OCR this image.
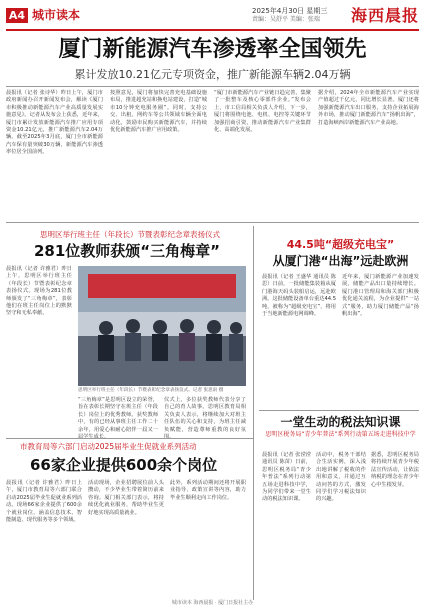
A4 城市读本	2025年4月30日 星期三
责编：吴舒平 美编：张瑞	海西晨报
厦门新能源汽车渗透率全国领先
累计发放10.21亿元专项资金，推广新能源车辆2.04万辆
晨报讯（记者 张诗华）昨日上午，厦门市政府新闻办召开新闻发布会，解读《厦门市积极推动新能源汽车产业高质量发展实施意见》。记者从发布会上获悉，近年来，厦门市累计发放新能源汽车推广应用专项资金10.21亿元，推广新能源汽车2.04万辆。截至2025年3月底，厦门全市新能源汽车保有量突破30万辆，新能源汽车渗透率位居全国前列。
按照意见，厦门将加快完善充电基础设施布局，推进超充站和换电站建设，打造“城市10分钟充电服务圈”。同时，支持公交、出租、网约车等公共领域车辆全面电动化，鼓励市民购买新能源汽车，并持续优化新能源汽车推广应用政策。
“厦门市新能源汽车产业链日趋完善，集聚了一批整车及核心零部件企业。”发布会上，市工信局相关负责人介绍，下一步，厦门将围绕电池、电机、电控等关键环节加强招商引资，推动新能源汽车产业集群化、高端化发展。
据介绍，2024年全市新能源汽车产业实现产值超过千亿元，同比增长显著。厦门还将加强新能源汽车出口服务，支持企业拓展海外市场，推动厦门新能源汽车“扬帆出海”，打造海峡西岸新能源汽车产业高地。
思明区举行班主任（年段长）节暨表彰纪念章表扬仪式
281位教师获颁“三角梅章”
晨报讯（记者 许雅君）昨日上午，思明区举行班主任（年段长）节暨表彰纪念章表扬仪式。现场为281位教师颁发了“三角梅章”，表彰他们在班主任岗位上的默默坚守和无私奉献。
思明区举行班主任（年段长）节暨表彰纪念章表扬仪式。记者 张思雨 摄
“三角梅章”是思明区设立的荣誉，旨在表彰长期坚守在班主任（年段长）岗位上的优秀教师。获奖教师中，有的已经从事班主任工作二十余年，用爱心和耐心陪伴一届又一
仪式上，多位获奖教师代表分享了自己的育人故事。思明区教育局相关负责人表示，将继续加大对班主任队伍的关心和支持，为班主任减负赋能，营造尊师重教的良好氛
44.5吨“超级充电宝”
从厦门港“出海”远赴欧洲
晨报讯（记者 王盛华 通讯员 陈思）日前，一批储能集装箱从厦门港海天码头装船启运，远赴欧洲。这批储能设备单台重达44.5吨，被称为“超级充电宝”，将用于当地新能源电网调峰。
近年来，厦门新能源产业加速发展，储能产品出口量持续增长。厦门港口管理局和海关部门积极优化通关流程，为企业提供“一站式”服务，助力厦门储能产品“扬帆出海”。
市教育局等六部门启动2025届毕业生促就业系列活动
66家企业提供600余个岗位
晨报讯（记者 许雅君）昨日上午，厦门市教育局等六部门联合启动2025届毕业生促就业系列活动。现场66家企业提供了600余个就业岗位，涵盖信息技术、智能制造、现代服务等多个领域。
活动现场，企业招聘展位前人头攒动，不少毕业生带着简历前来咨询。厦门相关部门表示，将持续优化就业服务，帮助毕业生更好地实现高质量就业。
此外，系列活动期间还将开展职业指导、政策宣讲等内容，助力毕业生顺利走向工作岗位。
一堂生动的税法知识课
思明区税务局“青少年普法”系列行动第五场走进科技中学
晨报讯（记者 张滢滢 通讯员 陈苗）日前，思明区税务局“青少年普法”系列行动第五场走进科技中学，为同学们带来一堂生动的税法知识课。
活动中，税务干部结合生活实例，深入浅出地讲解了税收的作用和意义，并通过互动问答的方式，激发同学们学习税法知识的兴趣。
据悉，思明区税务局将持续开展青少年税法宣传活动，让依法纳税的理念在青少年心中生根发芽。
城市读本 海西晨报 · 厦门日报社主办
